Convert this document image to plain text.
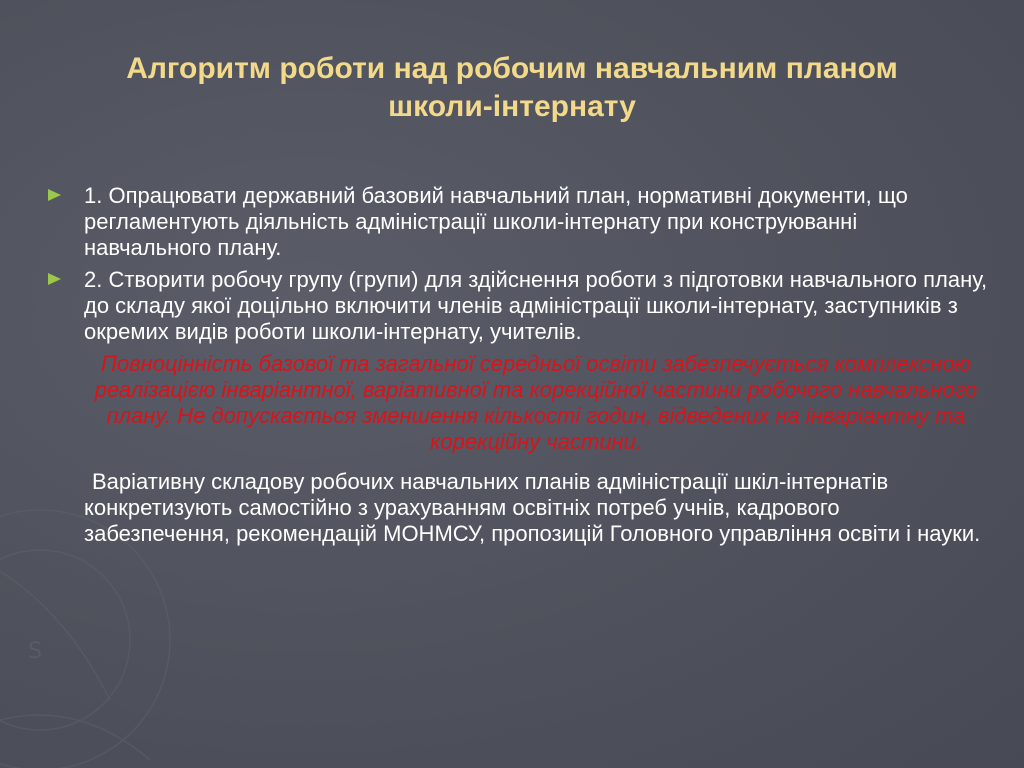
S
Алгоритм роботи над робочим навчальним планом
школи-інтернату
1. Опрацювати державний базовий навчальний план, нормативні документи, що регламентують діяльність адміністрації школи-інтернату при конструюванні навчального плану.
2. Створити робочу групу (групи) для здійснення роботи з підготовки навчального плану, до складу якої доцільно включити членів адміністрації школи-інтернату, заступників з окремих видів роботи школи-інтернату, учителів.

Повноцінність базової та загальної середньої освіти забезпечується комплексною реалізацією інваріантної, варіативної та корекційної частини робочого навчального плану. Не допускається зменшення кількості годин, відведених на інваріантну та корекційну частини.

Варіативну складову робочих навчальних планів адміністрації шкіл-інтернатів конкретизують самостійно з урахуванням освітніх потреб учнів, кадрового забезпечення, рекомендацій МОНМСУ, пропозицій Головного управління освіти і науки.
